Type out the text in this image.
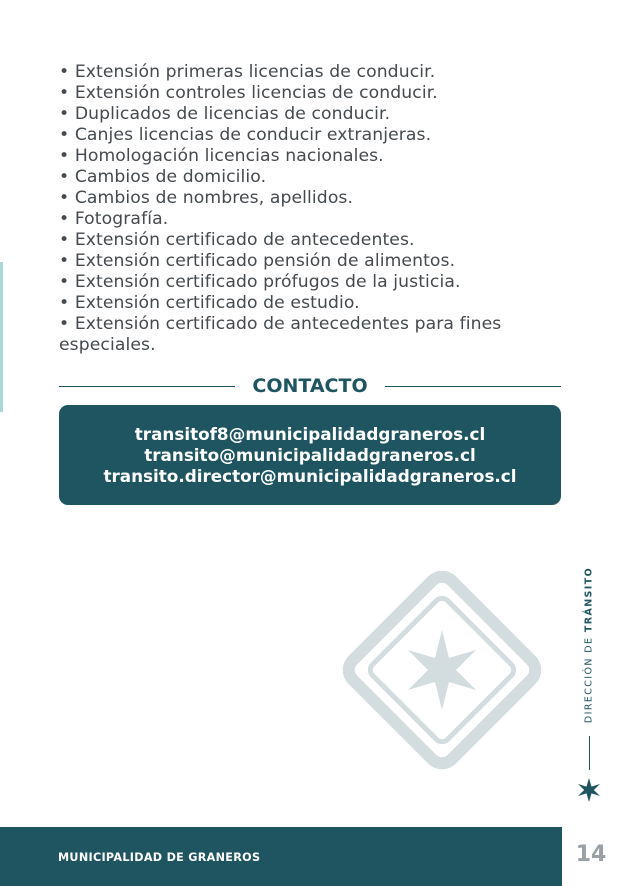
• Extensión primeras licencias de conducir.
• Extensión controles licencias de conducir.
• Duplicados de licencias de conducir.
• Canjes licencias de conducir extranjeras.
• Homologación licencias nacionales.
• Cambios de domicilio.
• Cambios de nombres, apellidos.
• Fotografía.
• Extensión certificado de antecedentes.
• Extensión certificado pensión de alimentos.
• Extensión certificado prófugos de la justicia.
• Extensión certificado de estudio.
• Extensión certificado de antecedentes para fines especiales.
CONTACTO
transitof8@municipalidadgraneros.cl
transito@municipalidadgraneros.cl
transito.director@municipalidadgraneros.cl
DIRECCIÓN DE TRÁNSITO
MUNICIPALIDAD DE GRANEROS	14
